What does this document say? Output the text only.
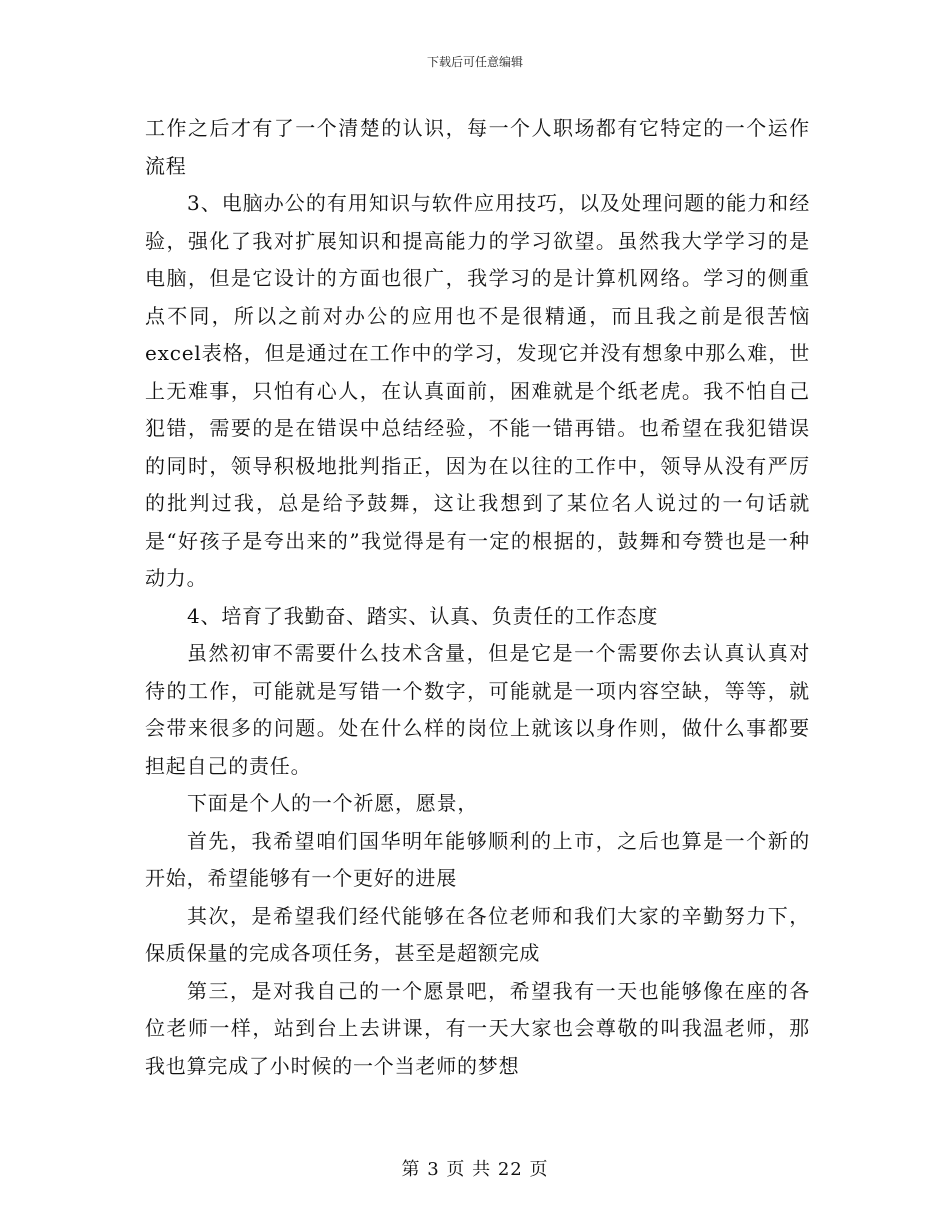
下载后可任意编辑

工作之后才有了一个清楚的认识，每一个人职场都有它特定的一个运作流程

3、电脑办公的有用知识与软件应用技巧，以及处理问题的能力和经验，强化了我对扩展知识和提高能力的学习欲望。虽然我大学学习的是电脑，但是它设计的方面也很广，我学习的是计算机网络。学习的侧重点不同，所以之前对办公的应用也不是很精通，而且我之前是很苦恼excel表格，但是通过在工作中的学习，发现它并没有想象中那么难，世上无难事，只怕有心人，在认真面前，困难就是个纸老虎。我不怕自己犯错，需要的是在错误中总结经验，不能一错再错。也希望在我犯错误的同时，领导积极地批判指正，因为在以往的工作中，领导从没有严厉的批判过我，总是给予鼓舞，这让我想到了某位名人说过的一句话就是“好孩子是夸出来的”我觉得是有一定的根据的，鼓舞和夸赞也是一种动力。

4、培育了我勤奋、踏实、认真、负责任的工作态度

虽然初审不需要什么技术含量，但是它是一个需要你去认真认真对待的工作，可能就是写错一个数字，可能就是一项内容空缺，等等，就会带来很多的问题。处在什么样的岗位上就该以身作则，做什么事都要担起自己的责任。

下面是个人的一个祈愿，愿景，

首先，我希望咱们国华明年能够顺利的上市，之后也算是一个新的开始，希望能够有一个更好的进展

其次，是希望我们经代能够在各位老师和我们大家的辛勤努力下，保质保量的完成各项任务，甚至是超额完成

第三，是对我自己的一个愿景吧，希望我有一天也能够像在座的各位老师一样，站到台上去讲课，有一天大家也会尊敬的叫我温老师，那我也算完成了小时候的一个当老师的梦想

第 3 页 共 22 页
